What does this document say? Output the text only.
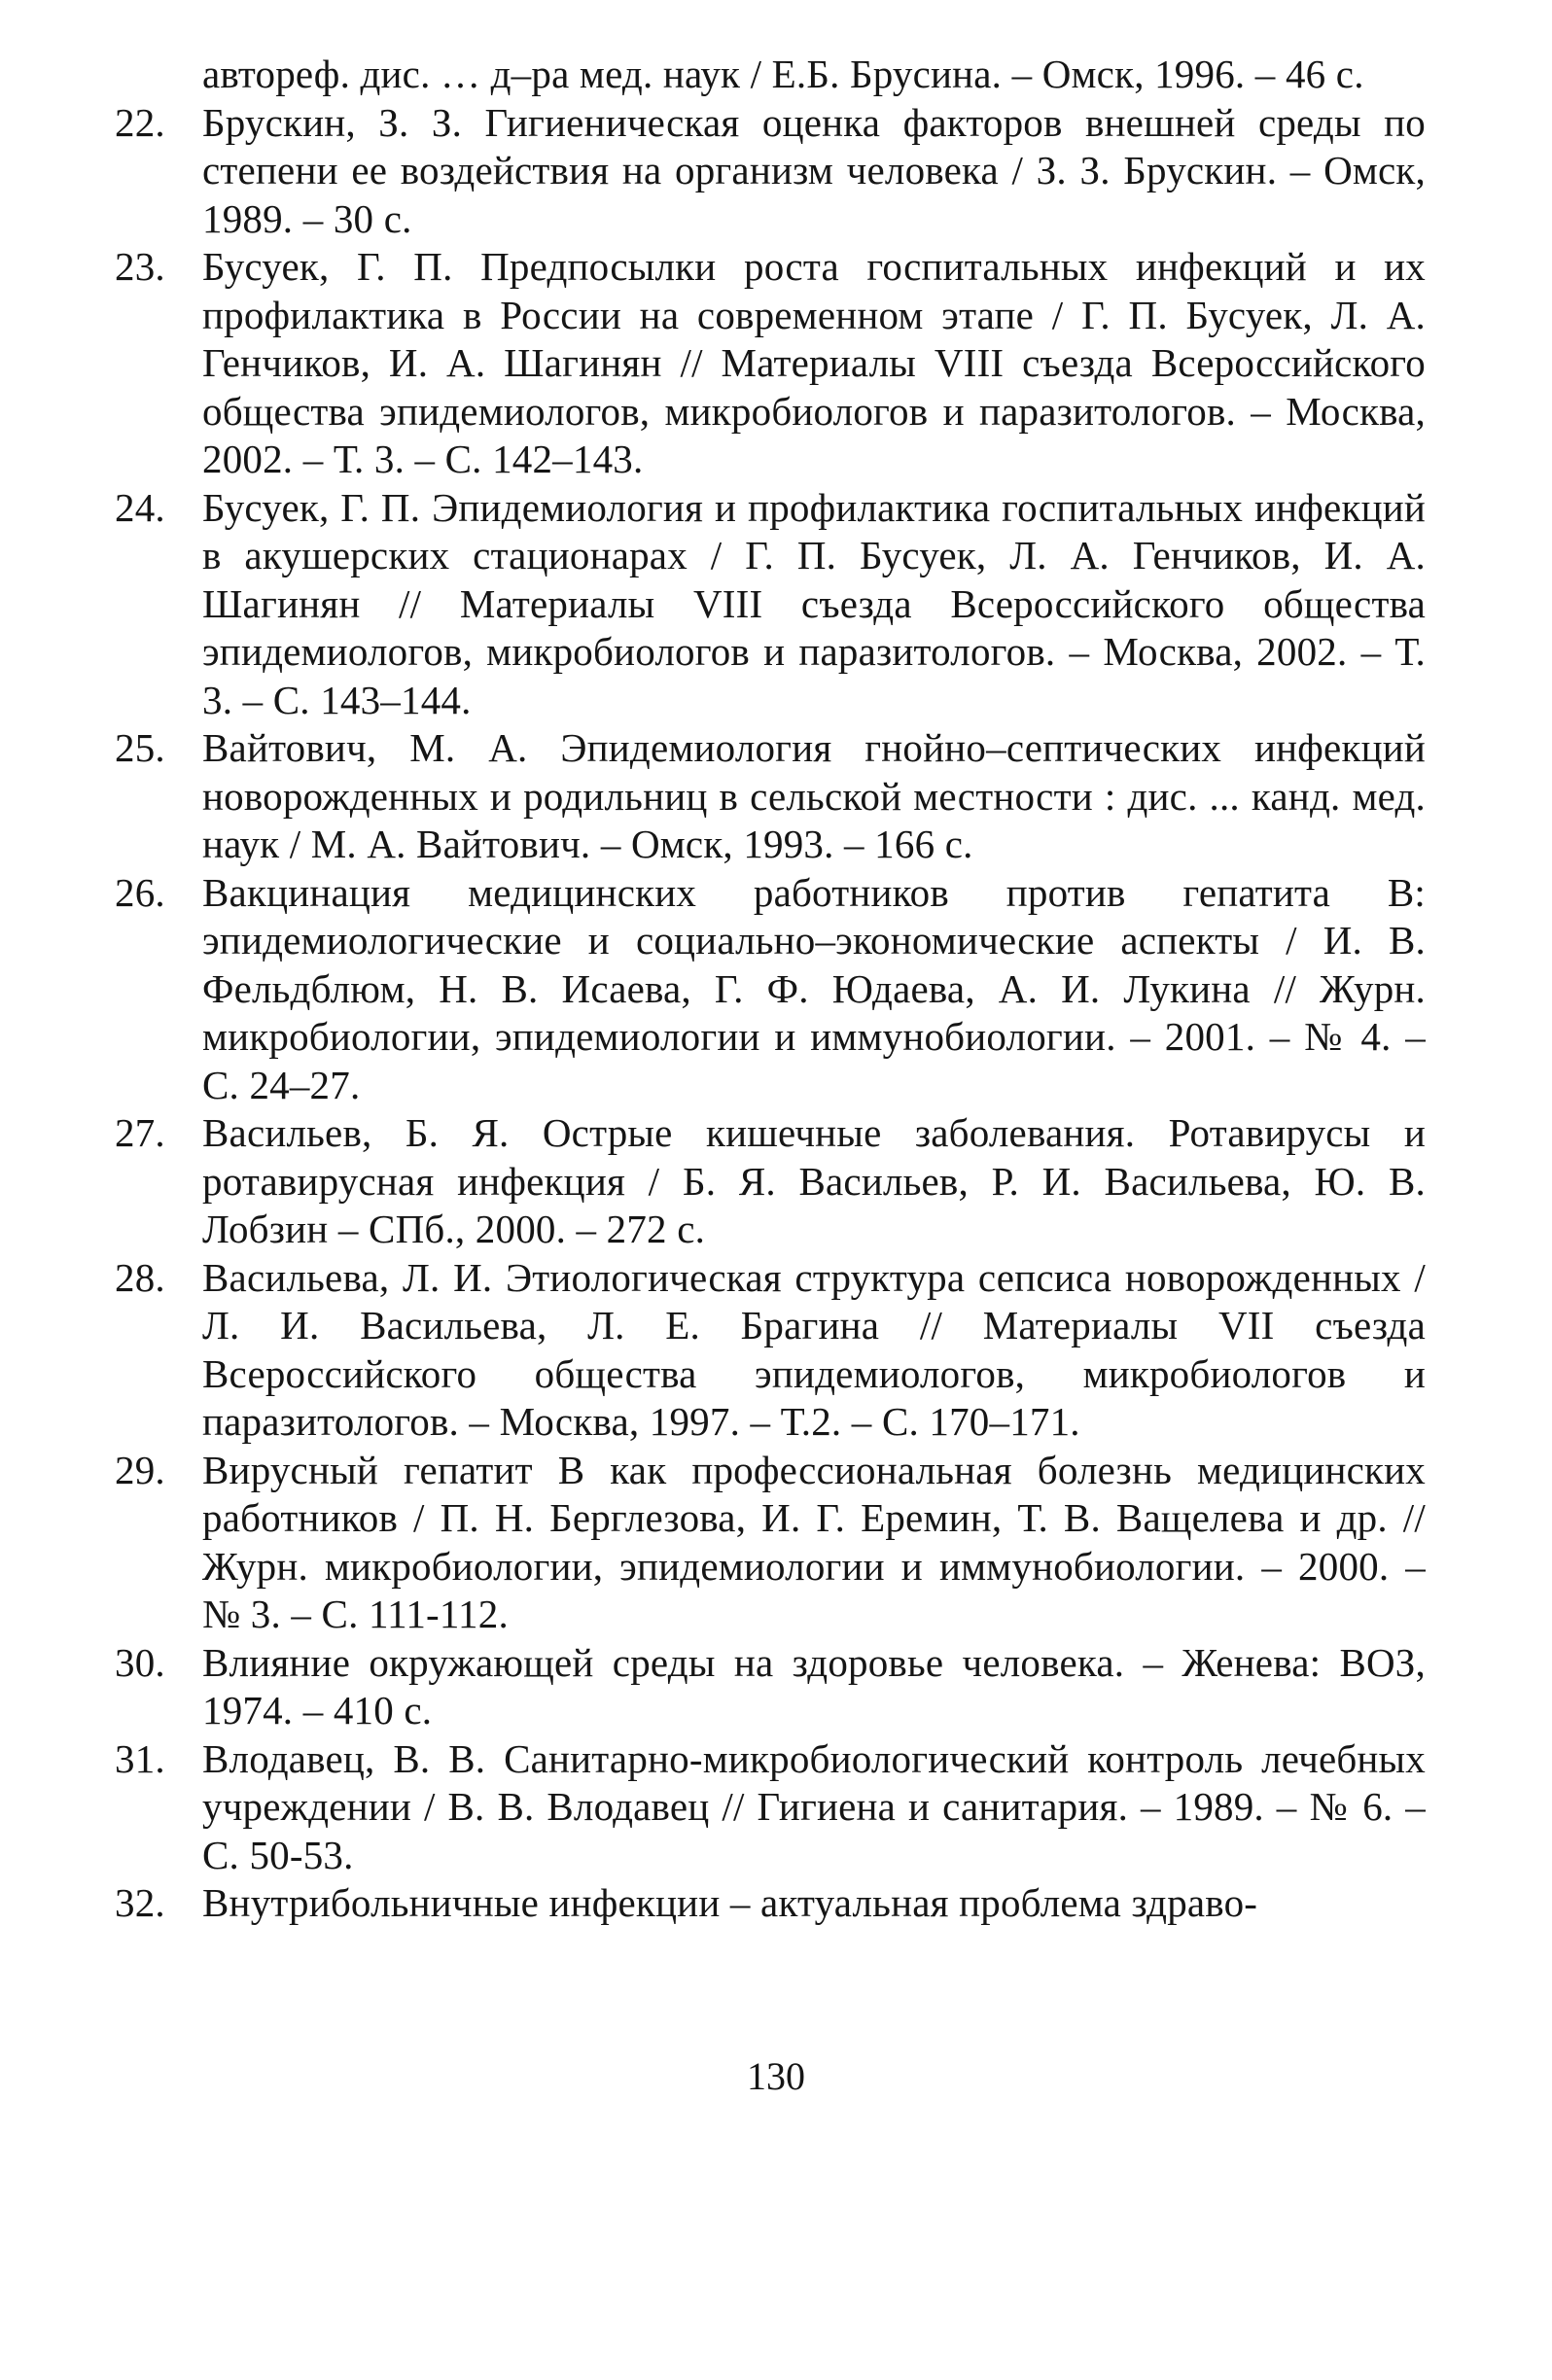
автореф. дис. … д–ра мед. наук / Е.Б. Брусина. – Омск, 1996. – 46 с.
22. Брускин, З. З. Гигиеническая оценка факторов внешней среды по степени ее воздействия на организм человека / З. З. Брускин. – Омск, 1989. – 30 с.
23. Бусуек, Г. П. Предпосылки роста госпитальных инфекций и их профилактика в России на современном этапе / Г. П. Бусуек, Л. А. Генчиков, И. А. Шагинян // Материалы VIII съезда Всероссийского общества эпидемиологов, микробиологов и паразитологов. – Москва, 2002. – Т. 3. – С. 142–143.
24. Бусуек, Г. П. Эпидемиология и профилактика госпитальных инфекций в акушерских стационарах / Г. П. Бусуек, Л. А. Генчиков, И. А. Шагинян // Материалы VIII съезда Всероссийского общества эпидемиологов, микробиологов и паразитологов. – Москва, 2002. – Т. 3. – С. 143–144.
25. Вайтович, М. А. Эпидемиология гнойно–септических инфекций новорожденных и родильниц в сельской местности : дис. ... канд. мед. наук / М. А. Вайтович. – Омск, 1993. – 166 с.
26. Вакцинация медицинских работников против гепатита В: эпидемиологические и социально–экономические аспекты / И. В. Фельдблюм, Н. В. Исаева, Г. Ф. Юдаева, А. И. Лукина // Журн. микробиологии, эпидемиологии и иммунобиологии. – 2001. – № 4. – С. 24–27.
27. Васильев, Б. Я. Острые кишечные заболевания. Ротавирусы и ротавирусная инфекция / Б. Я. Васильев, Р. И. Васильева, Ю. В. Лобзин – СПб., 2000. – 272 с.
28. Васильева, Л. И. Этиологическая структура сепсиса новорожденных / Л. И. Васильева, Л. Е. Брагина // Материалы VII съезда Всероссийского общества эпидемиологов, микробиологов и паразитологов. – Москва, 1997. – Т.2. – С. 170–171.
29. Вирусный гепатит В как профессиональная болезнь медицинских работников / П. Н. Берглезова, И. Г. Еремин, Т. В. Ващелева и др. // Журн. микробиологии, эпидемиологии и иммунобиологии. – 2000. – № 3. – С. 111-112.
30. Влияние окружающей среды на здоровье человека. – Женева: ВОЗ, 1974. – 410 с.
31. Влодавец, В. В. Санитарно-микробиологический контроль лечебных учреждении / В. В. Влодавец // Гигиена и санитария. – 1989. – № 6. – С. 50-53.
32. Внутрибольничные инфекции – актуальная проблема здраво-
130
